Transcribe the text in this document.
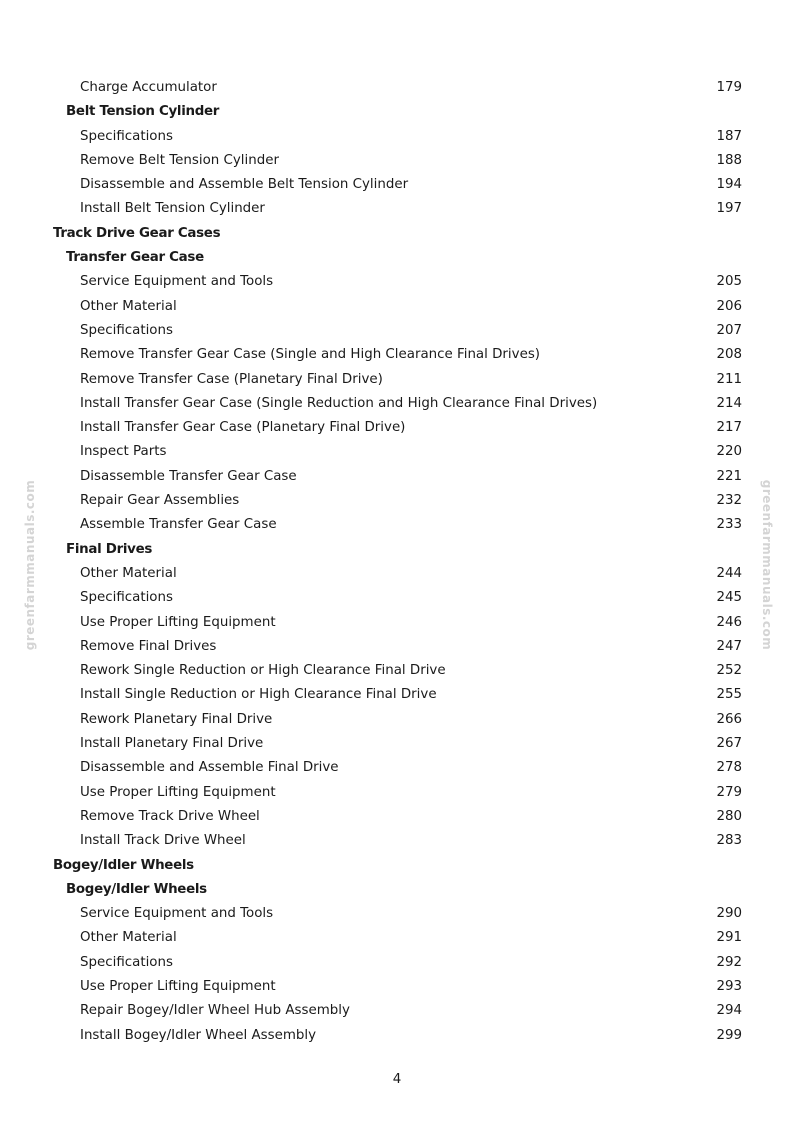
Charge Accumulator	179
Belt Tension Cylinder
Specifications	187
Remove Belt Tension Cylinder	188
Disassemble and Assemble Belt Tension Cylinder	194
Install Belt Tension Cylinder	197
Track Drive Gear Cases
Transfer Gear Case
Service Equipment and Tools	205
Other Material	206
Specifications	207
Remove Transfer Gear Case (Single and High Clearance Final Drives)	208
Remove Transfer Case (Planetary Final Drive)	211
Install Transfer Gear Case (Single Reduction and High Clearance Final Drives)	214
Install Transfer Gear Case (Planetary Final Drive)	217
Inspect Parts	220
Disassemble Transfer Gear Case	221
Repair Gear Assemblies	232
Assemble Transfer Gear Case	233
Final Drives
Other Material	244
Specifications	245
Use Proper Lifting Equipment	246
Remove Final Drives	247
Rework Single Reduction or High Clearance Final Drive	252
Install Single Reduction or High Clearance Final Drive	255
Rework Planetary Final Drive	266
Install Planetary Final Drive	267
Disassemble and Assemble Final Drive	278
Use Proper Lifting Equipment	279
Remove Track Drive Wheel	280
Install Track Drive Wheel	283
Bogey/Idler Wheels
Bogey/Idler Wheels
Service Equipment and Tools	290
Other Material	291
Specifications	292
Use Proper Lifting Equipment	293
Repair Bogey/Idler Wheel Hub Assembly	294
Install Bogey/Idler Wheel Assembly	299
4
greenfarmmanuals.com	greenfarmmanuals.com
